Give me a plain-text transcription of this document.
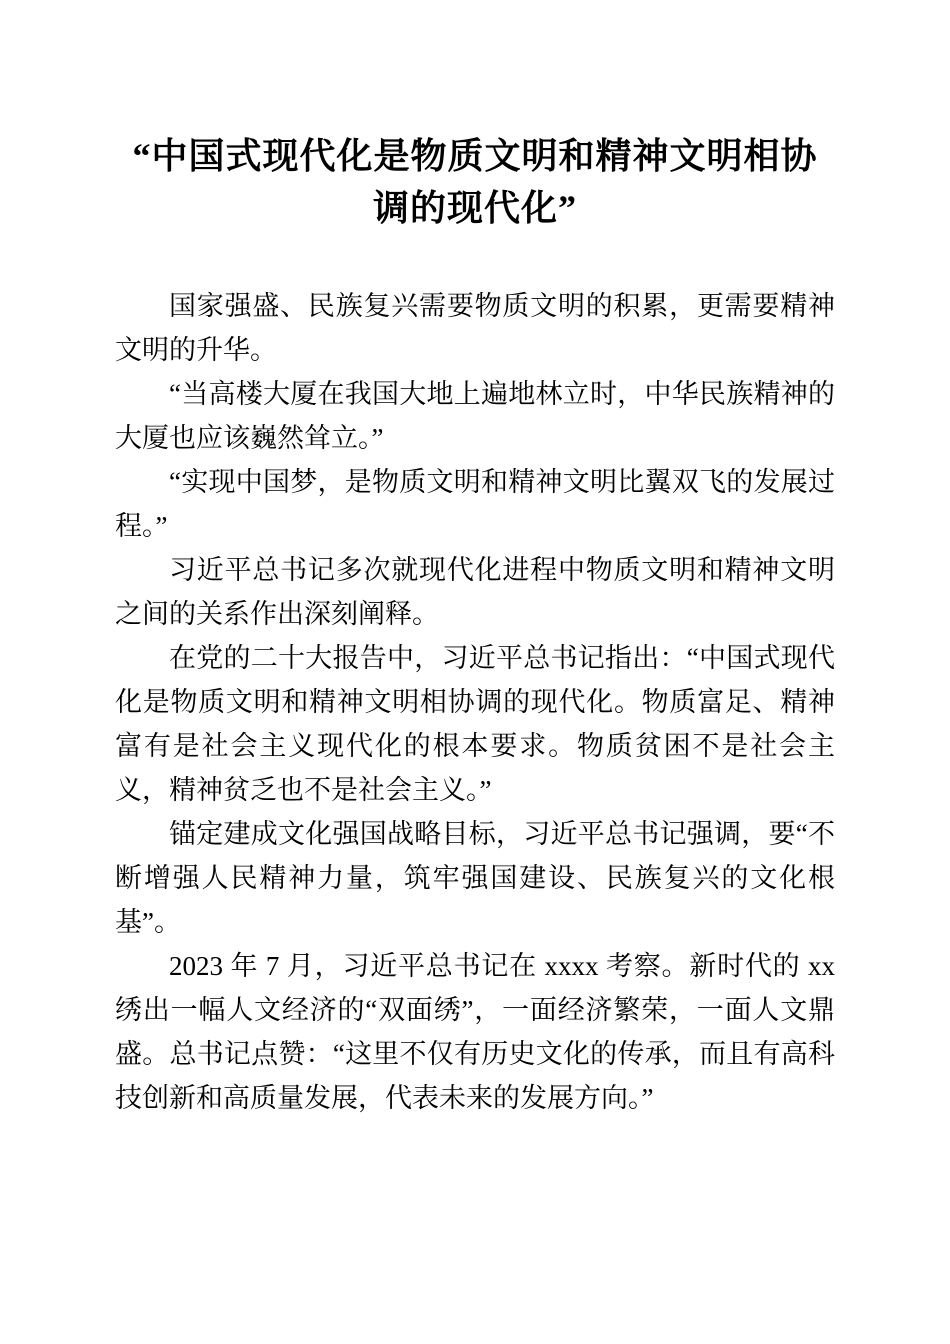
“中国式现代化是物质文明和精神文明相协调的现代化”

国家强盛、民族复兴需要物质文明的积累，更需要精神文明的升华。

“当高楼大厦在我国大地上遍地林立时，中华民族精神的大厦也应该巍然耸立。”

“实现中国梦，是物质文明和精神文明比翼双飞的发展过程。”

习近平总书记多次就现代化进程中物质文明和精神文明之间的关系作出深刻阐释。

在党的二十大报告中，习近平总书记指出：“中国式现代化是物质文明和精神文明相协调的现代化。物质富足、精神富有是社会主义现代化的根本要求。物质贫困不是社会主义，精神贫乏也不是社会主义。”

锚定建成文化强国战略目标，习近平总书记强调，要“不断增强人民精神力量，筑牢强国建设、民族复兴的文化根基”。

2023 年 7 月，习近平总书记在 xxxx 考察。新时代的 xx 绣出一幅人文经济的“双面绣”，一面经济繁荣，一面人文鼎盛。总书记点赞：“这里不仅有历史文化的传承，而且有高科技创新和高质量发展，代表未来的发展方向。”
